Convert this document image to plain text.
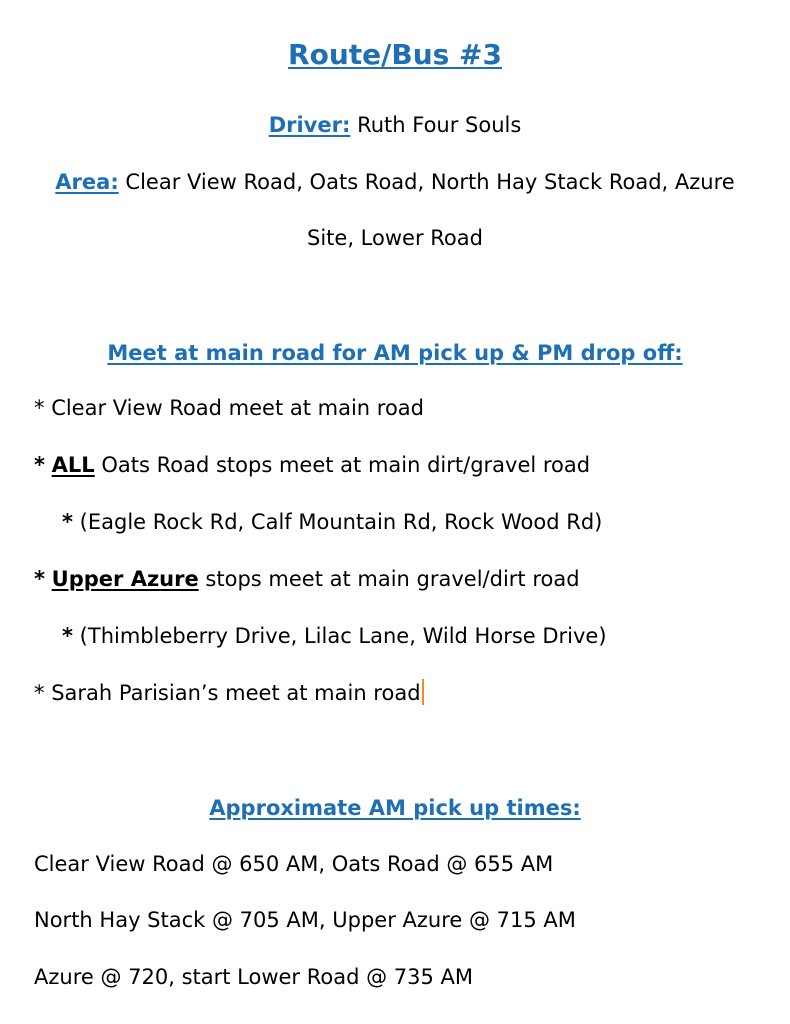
Route/Bus #3
Driver: Ruth Four Souls
Area: Clear View Road, Oats Road, North Hay Stack Road, Azure
Site, Lower Road
Meet at main road for AM pick up & PM drop off:
* Clear View Road meet at main road
* ALL Oats Road stops meet at main dirt/gravel road
* (Eagle Rock Rd, Calf Mountain Rd, Rock Wood Rd)
* Upper Azure stops meet at main gravel/dirt road
* (Thimbleberry Drive, Lilac Lane, Wild Horse Drive)
* Sarah Parisian’s meet at main road
Approximate AM pick up times:
Clear View Road @ 650 AM, Oats Road @ 655 AM
North Hay Stack @ 705 AM, Upper Azure @ 715 AM
Azure @ 720, start Lower Road @ 735 AM
